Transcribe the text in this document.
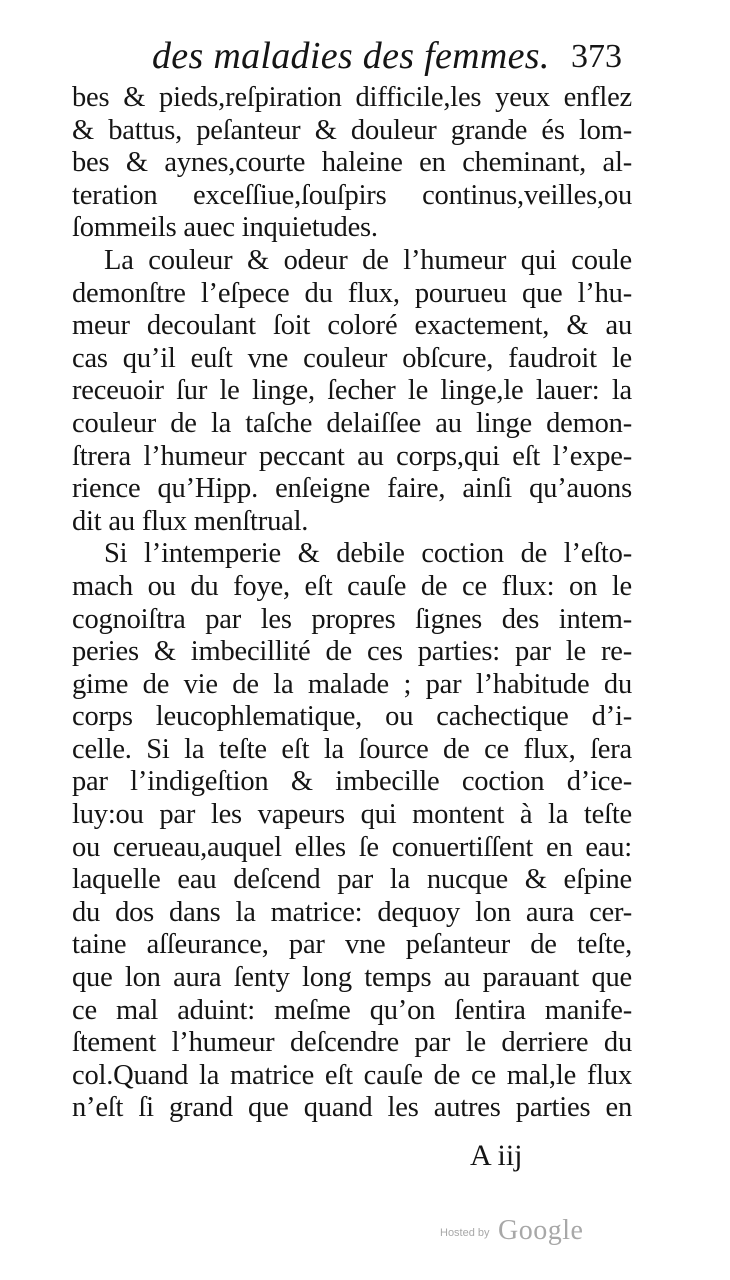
des maladies des femmes. 373
bes & pieds,reſpiration difficile,les yeux enflez
& battus, peſanteur & douleur grande és lom-
bes & aynes,courte haleine en cheminant, al-
teration exceſſiue,ſouſpirs continus,veilles,ou
ſommeils auec inquietudes.
La couleur & odeur de l’humeur qui coule
demonſtre l’eſpece du flux, pourueu que l’hu-
meur decoulant ſoit coloré exactement, & au
cas qu’il euſt vne couleur obſcure, faudroit le
receuoir ſur le linge, ſecher le linge,le lauer: la
couleur de la taſche delaiſſee au linge demon-
ſtrera l’humeur peccant au corps,qui eſt l’expe-
rience qu’Hipp. enſeigne faire, ainſi qu’auons
dit au flux menſtrual.
Si l’intemperie & debile coction de l’eſto-
mach ou du foye, eſt cauſe de ce flux: on le
cognoiſtra par les propres ſignes des intem-
peries & imbecillité de ces parties: par le re-
gime de vie de la malade ; par l’habitude du
corps leucophlematique, ou cachectique d’i-
celle. Si la teſte eſt la ſource de ce flux, ſera
par l’indigeſtion & imbecille coction d’ice-
luy:ou par les vapeurs qui montent à la teſte
ou cerueau,auquel elles ſe conuertiſſent en eau:
laquelle eau deſcend par la nucque & eſpine
du dos dans la matrice: dequoy lon aura cer-
taine aſſeurance, par vne peſanteur de teſte,
que lon aura ſenty long temps au parauant que
ce mal aduint: meſme qu’on ſentira manife-
ſtement l’humeur deſcendre par le derriere du
col.Quand la matrice eſt cauſe de ce mal,le flux
n’eſt ſi grand que quand les autres parties en
A iij
Hosted by Google
